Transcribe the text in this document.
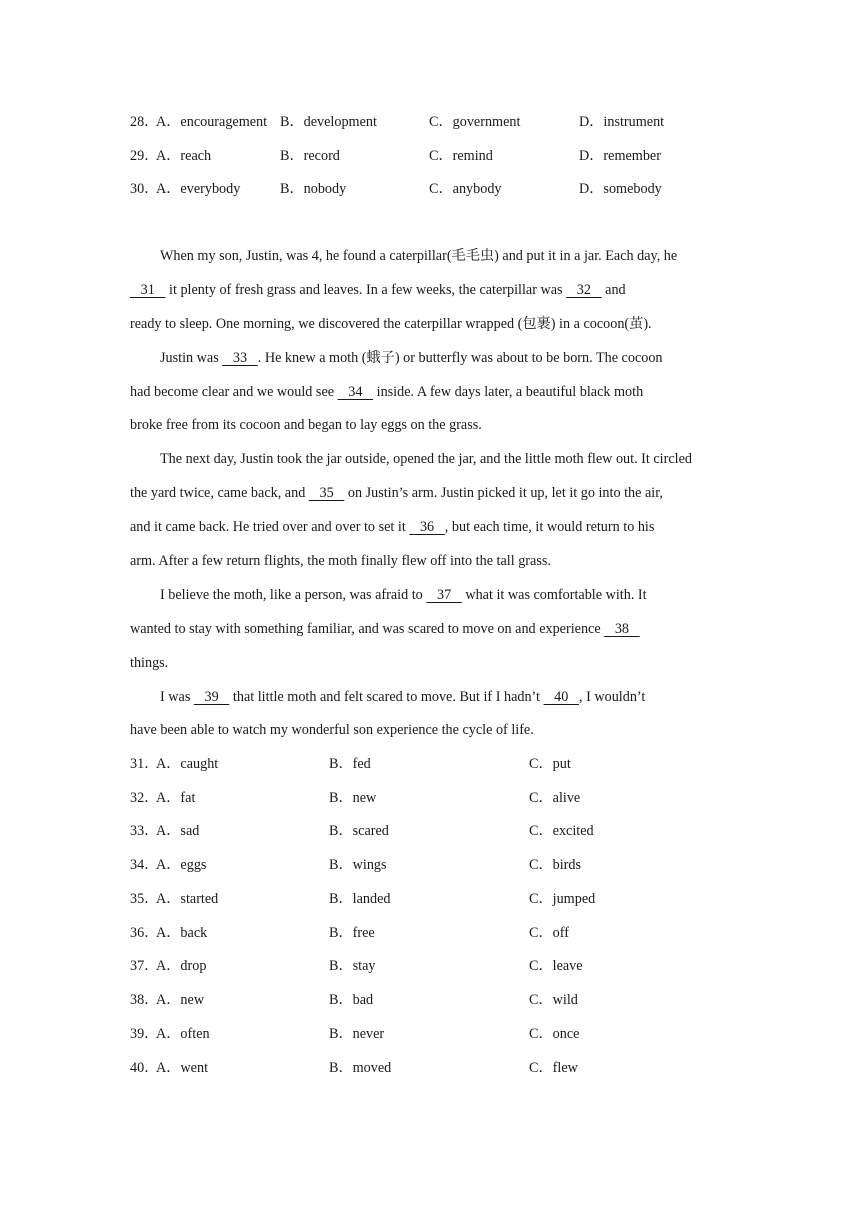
28．
A．encouragement B．development	C．government	D．instrument
29．
A．reach	B．record	C．remind	D．remember
30．
A．everybody	B．nobody	C．anybody	D．somebody
When my son, Justin, was 4, he found a caterpillar(毛毛虫) and put it in a jar. Each day, he
31    it plenty of fresh grass and leaves. In a few weeks, the caterpillar was    32    and
ready to sleep. One morning, we discovered the caterpillar wrapped (包裹) in a cocoon(茧).
Justin was    33   . He knew a moth (蛾子) or butterfly was about to be born. The cocoon
had become clear and we would see    34    inside. A few days later, a beautiful black moth
broke free from its cocoon and began to lay eggs on the grass.
The next day, Justin took the jar outside, opened the jar, and the little moth flew out. It circled
the yard twice, came back, and    35    on Justin’s arm. Justin picked it up, let it go into the air,
and it came back. He tried over and over to set it    36   , but each time, it would return to his
arm. After a few return flights, the moth finally flew off into the tall grass.
I believe the moth, like a person, was afraid to    37    what it was comfortable with. It
wanted to stay with something familiar, and was scared to move on and experience    38
things.
I was    39    that little moth and felt scared to move. But if I hadn’t    40   , I wouldn’t
have been able to watch my wonderful son experience the cycle of life.
31．
A．caught	B．fed	C．put
32．
A．fat	B．new	C．alive
33．
A．sad	B．scared	C．excited
34．
A．eggs	B．wings	C．birds
35．
A．started	B．landed	C．jumped
36．
A．back	B．free	C．off
37．
A．drop	B．stay	C．leave
38．
A．new	B．bad	C．wild
39．
A．often	B．never	C．once
40．
A．went	B．moved	C．flew
